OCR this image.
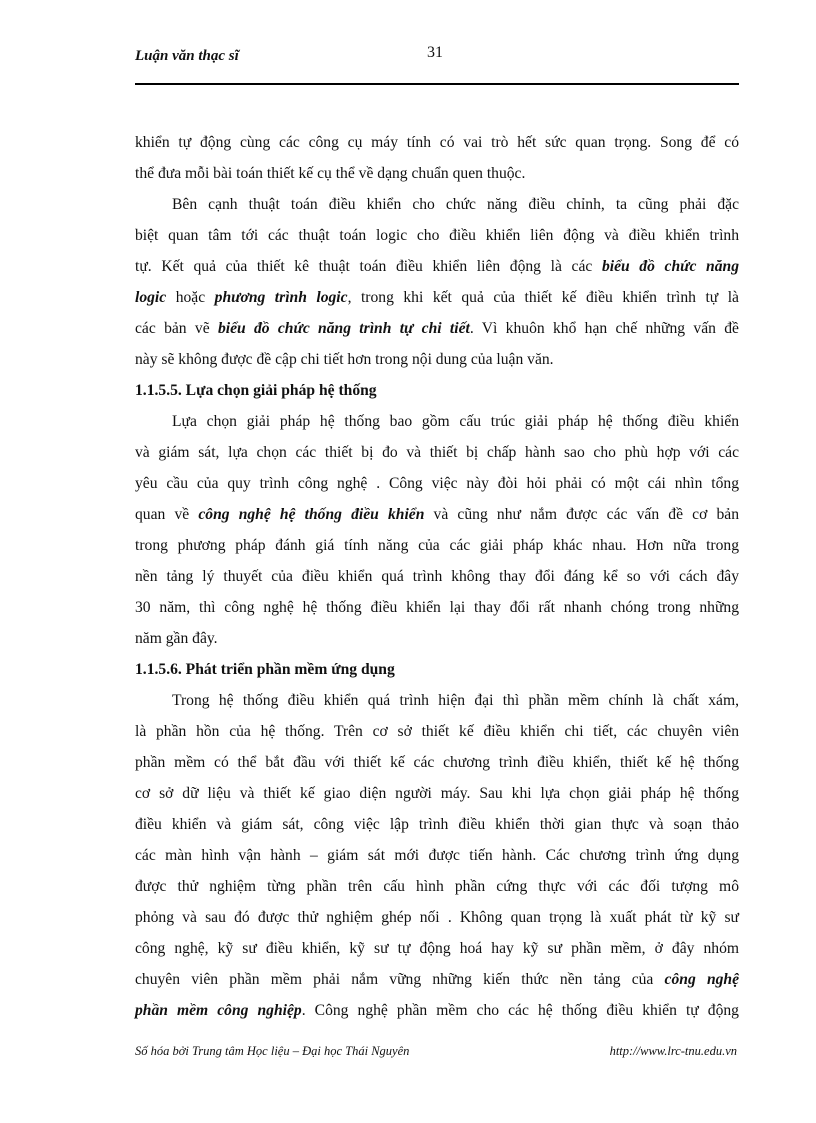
Luận văn thạc sĩ	31
khiển tự động cùng các công cụ máy tính có vai trò hết sức quan trọng. Song để có
thể đưa mỗi bài toán thiết kế cụ thể về dạng chuẩn quen thuộc.
Bên cạnh thuật toán điều khiển cho chức năng điều chỉnh, ta cũng phải đặc
biệt quan tâm tới các thuật toán logic cho điều khiển liên động và điều khiển trình
tự. Kết quả của thiết kê thuật toán điều khiển liên động là các biểu đồ chức năng
logic hoặc phương trình logic, trong khi kết quả của thiết kế điều khiển trình tự là
các bản vẽ biểu đồ chức năng trình tự chi tiết. Vì khuôn khổ hạn chế những vấn đề
này sẽ không được đề cập chi tiết hơn trong nội dung của luận văn.
1.1.5.5. Lựa chọn giải pháp hệ thống
Lựa chọn giải pháp hệ thống bao gồm cấu trúc giải pháp hệ thống điều khiển
và giám sát, lựa chọn các thiết bị đo và thiết bị chấp hành sao cho phù hợp với các
yêu cầu của quy trình công nghệ . Công việc này đòi hỏi phải có một cái nhìn tổng
quan về công nghệ hệ thống điều khiển và cũng như nắm được các vấn đề cơ bản
trong phương pháp đánh giá tính năng của các giải pháp khác nhau. Hơn nữa trong
nền tảng lý thuyết của điều khiển quá trình không thay đổi đáng kể so với cách đây
30 năm, thì công nghệ hệ thống điều khiển lại thay đổi rất nhanh chóng trong những
năm gần đây.
1.1.5.6. Phát triển phần mềm ứng dụng
Trong hệ thống điều khiển quá trình hiện đại thì phần mềm chính là chất xám,
là phần hồn của hệ thống. Trên cơ sở thiết kế điều khiển chi tiết, các chuyên viên
phần mềm có thể bắt đầu với thiết kế các chương trình điều khiển, thiết kế hệ thống
cơ sở dữ liệu và thiết kế giao diện người máy. Sau khi lựa chọn giải pháp hệ thống
điều khiển và giám sát, công việc lập trình điều khiển thời gian thực và soạn thảo
các màn hình vận hành – giám sát mới được tiến hành. Các chương trình ứng dụng
được thử nghiệm từng phần trên cấu hình phần cứng thực với các đối tượng mô
phỏng và sau đó được thử nghiệm ghép nối . Không quan trọng là xuất phát từ kỹ sư
công nghệ, kỹ sư điều khiển, kỹ sư tự động hoá hay kỹ sư phần mềm, ở đây nhóm
chuyên viên phần mềm phải nắm vững những kiến thức nền tảng của công nghệ
phần mềm công nghiệp. Công nghệ phần mềm cho các hệ thống điều khiển tự động
Số hóa bởi Trung tâm Học liệu – Đại học Thái Nguyên	http://www.lrc-tnu.edu.vn
